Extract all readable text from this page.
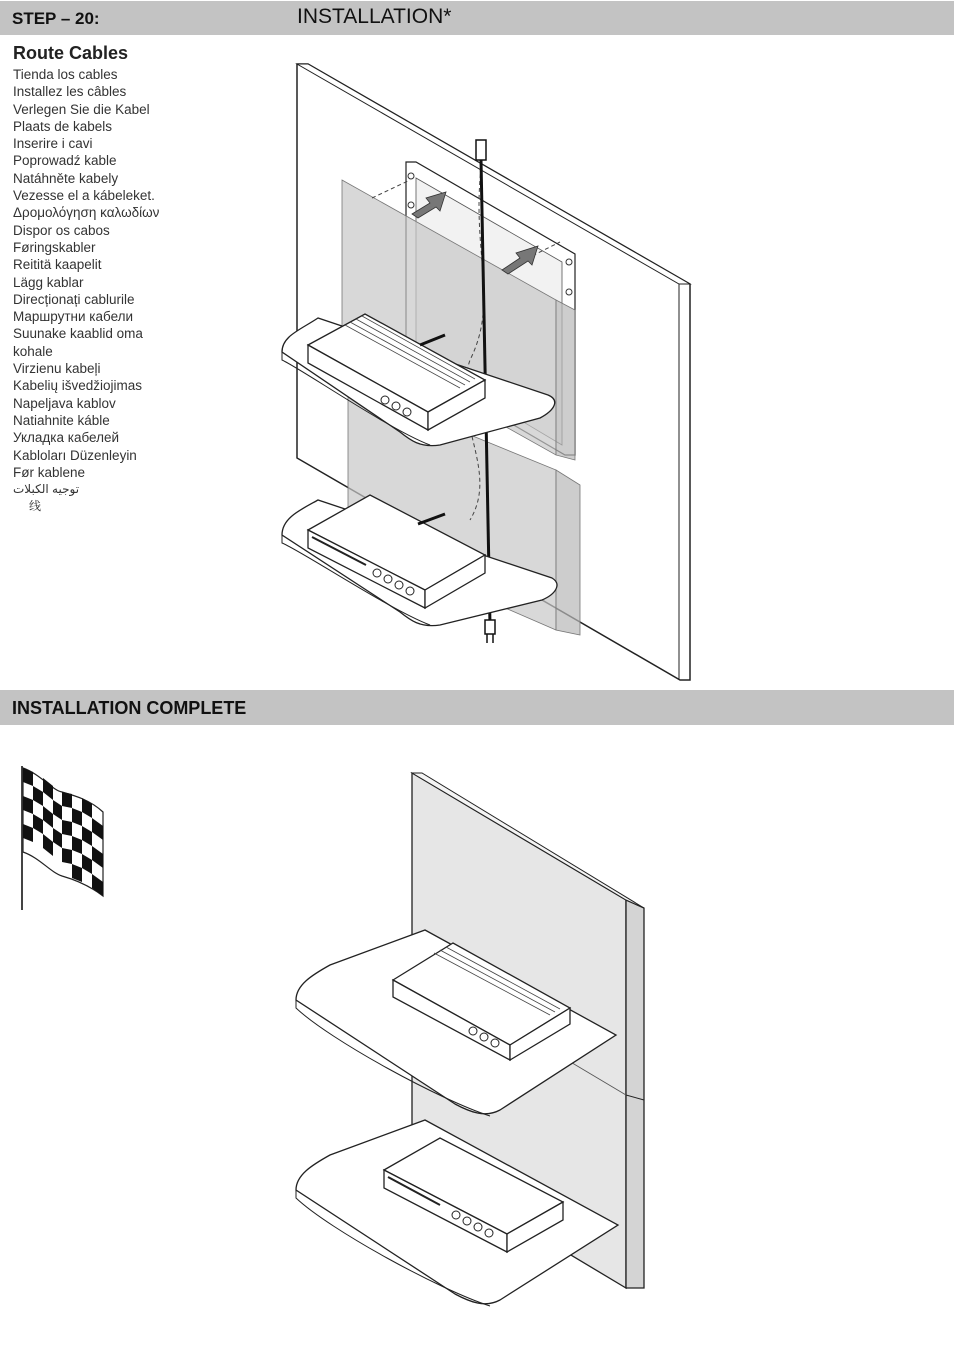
STEP – 20:	INSTALLATION*
Route Cables
Tienda los cables
Installez les câbles
Verlegen Sie die Kabel
Plaats de kabels
Inserire i cavi
Poprowadź kable
Natáhněte kabely
Vezesse el a kábeleket.
Δρομολόγηση καλωδίων
Dispor os cabos
Føringskabler
Reititä kaapelit
Lägg kablar
Direcționați cablurile
Маршрутни кабели
Suunake kaablid oma
kohale
Virzienu kabeļi
Kabelių išvedžiojimas
Napeljava kablov
Natiahnite káble
Укладка кабелей
Kabloları Düzenleyin
Før kablene
توجيه الكبلات
线
INSTALLATION COMPLETE
